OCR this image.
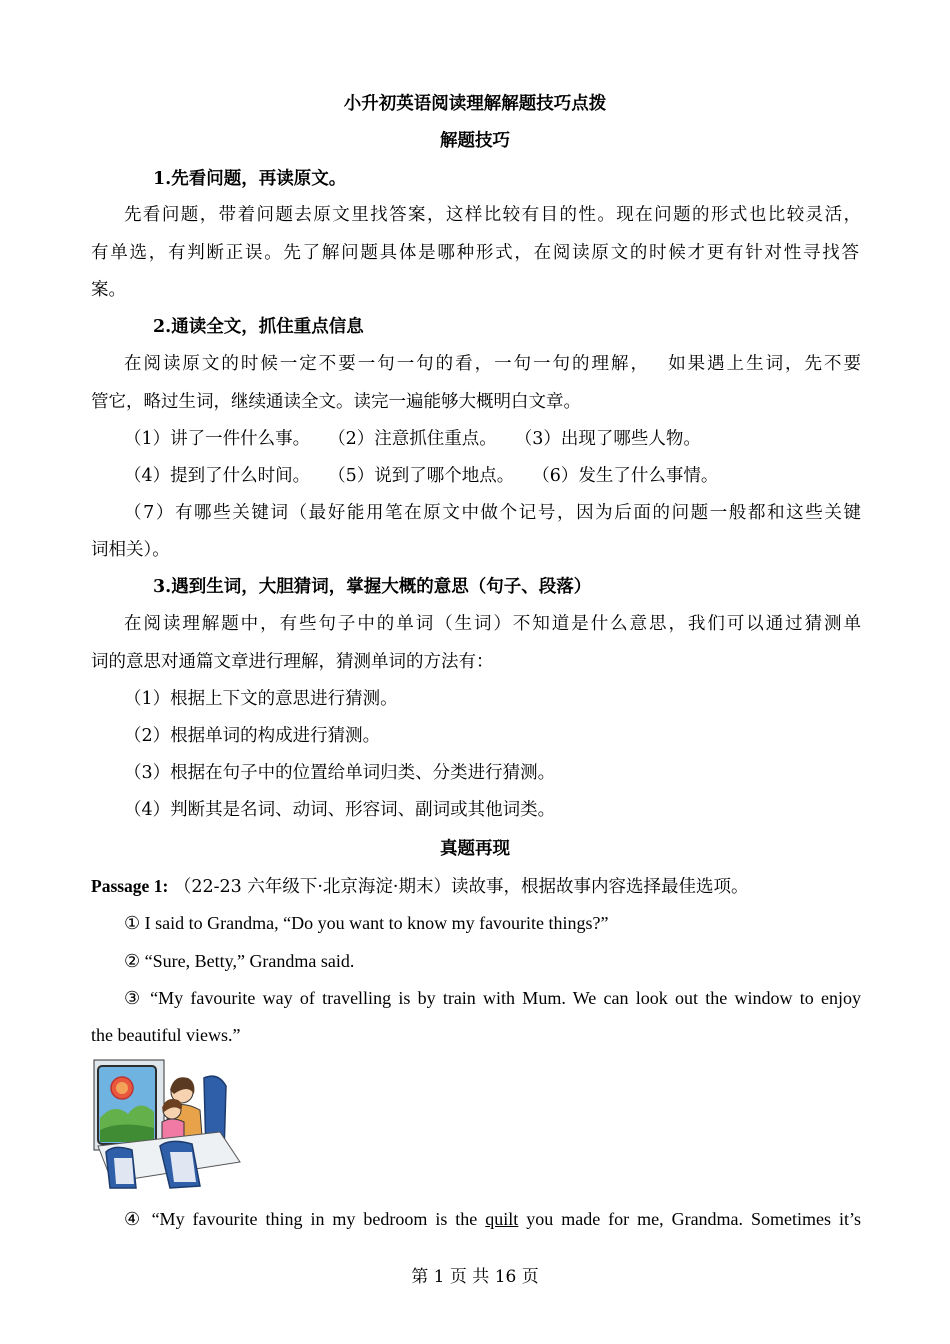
小升初英语阅读理解解题技巧点拨
解题技巧
1.先看问题，再读原文。
先看问题，带着问题去原文里找答案，这样比较有目的性。现在问题的形式也比较灵活，
有单选，有判断正误。先了解问题具体是哪种形式，在阅读原文的时候才更有针对性寻找答
案。
2.通读全文，抓住重点信息
在阅读原文的时候一定不要一句一句的看，一句一句的理解，　 如果遇上生词，先不要
管它，略过生词，继续通读全文。读完一遍能够大概明白文章。
（1）讲了一件什么事。 （2）注意抓住重点。 （3）出现了哪些人物。
（4）提到了什么时间。 （5）说到了哪个地点。 （6）发生了什么事情。
（7）有哪些关键词（最好能用笔在原文中做个记号，因为后面的问题一般都和这些关键
词相关）。
3.遇到生词，大胆猜词，掌握大概的意思（句子、段落）
在阅读理解题中，有些句子中的单词（生词）不知道是什么意思，我们可以通过猜测单
词的意思对通篇文章进行理解，猜测单词的方法有：
（1）根据上下文的意思进行猜测。
（2）根据单词的构成进行猜测。
（3）根据在句子中的位置给单词归类、分类进行猜测。
（4）判断其是名词、动词、形容词、副词或其他词类。
真题再现
Passage 1: （22-23 六年级下·北京海淀·期末）读故事，根据故事内容选择最佳选项。
① I said to Grandma, “Do you want to know my favourite things?”
② “Sure, Betty,” Grandma said.
③ “My favourite way of travelling is by train with Mum. We can look out the window to enjoy
the beautiful views.”
④ “My favourite thing in my bedroom is the quilt you made for me, Grandma. Sometimes it’s
第 1 页 共 16 页
